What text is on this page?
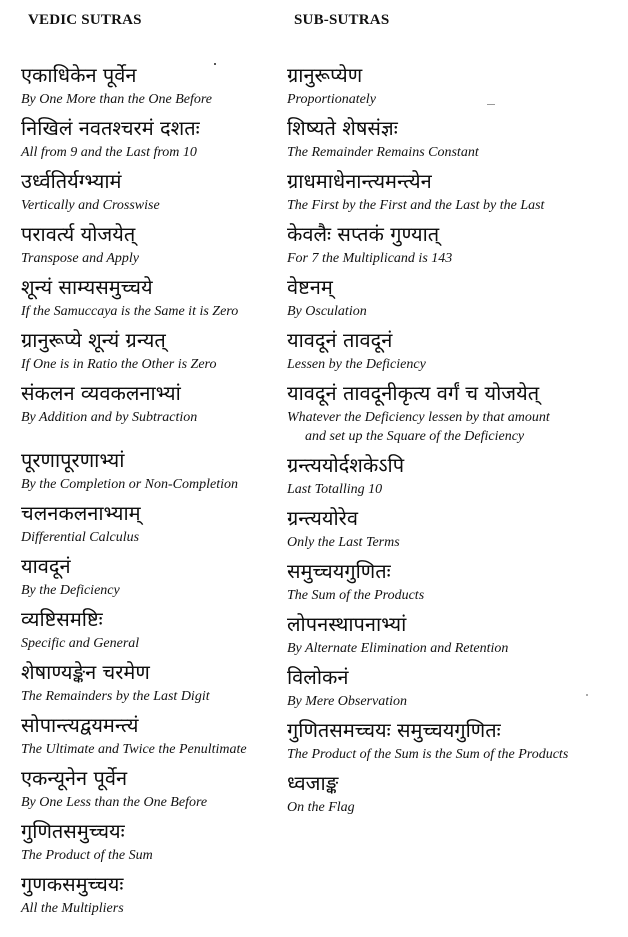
VEDIC SUTRAS	SUB-SUTRAS
एकाधिकेन पूर्वेन
By One More than the One Before
निखिलं नवतश्चरमं दशतः
All from 9 and the Last from 10
उर्ध्वतिर्यग्भ्यामं
Vertically and Crosswise
परावर्त्य योजयेत्
Transpose and Apply
शून्यं साम्यसमुच्चये
If the Samuccaya is the Same it is Zero
ग्रानुरूप्ये शून्यं ग्रन्यत्
If One is in Ratio the Other is Zero
संकलन व्यवकलनाभ्यां
By Addition and by Subtraction
पूरणापूरणाभ्यां
By the Completion or Non-Completion
चलनकलनाभ्याम्
Differential Calculus
यावदूनं
By the Deficiency
व्यष्टिसमष्टिः
Specific and General
शेषाण्यङ्केन चरमेण
The Remainders by the Last Digit
सोपान्त्यद्वयमन्त्यं
The Ultimate and Twice the Penultimate
एकन्यूनेन पूर्वेन
By One Less than the One Before
गुणितसमुच्चयः
The Product of the Sum
गुणकसमुच्चयः
All the Multipliers
ग्रानुरूप्येण
Proportionately
शिष्यते शेषसंज्ञः
The Remainder Remains Constant
ग्राधमाधेनान्त्यमन्त्येन
The First by the First and the Last by the Last
केवलैः सप्तकं गुण्यात्
For 7 the Multiplicand is 143
वेष्टनम्
By Osculation
यावदूनं तावदूनं
Lessen by the Deficiency
यावदूनं तावदूनीकृत्य वर्गं च योजयेत्
Whatever the Deficiency lessen by that amount
and set up the Square of the Deficiency
ग्रन्त्ययोर्दशकेऽपि
Last Totalling 10
ग्रन्त्ययोरेव
Only the Last Terms
समुच्चयगुणितः
The Sum of the Products
लोपनस्थापनाभ्यां
By Alternate Elimination and Retention
विलोकनं
By Mere Observation
गुणितसमच्चयः समुच्चयगुणितः
The Product of the Sum is the Sum of the Products
ध्वजाङ्क
On the Flag
